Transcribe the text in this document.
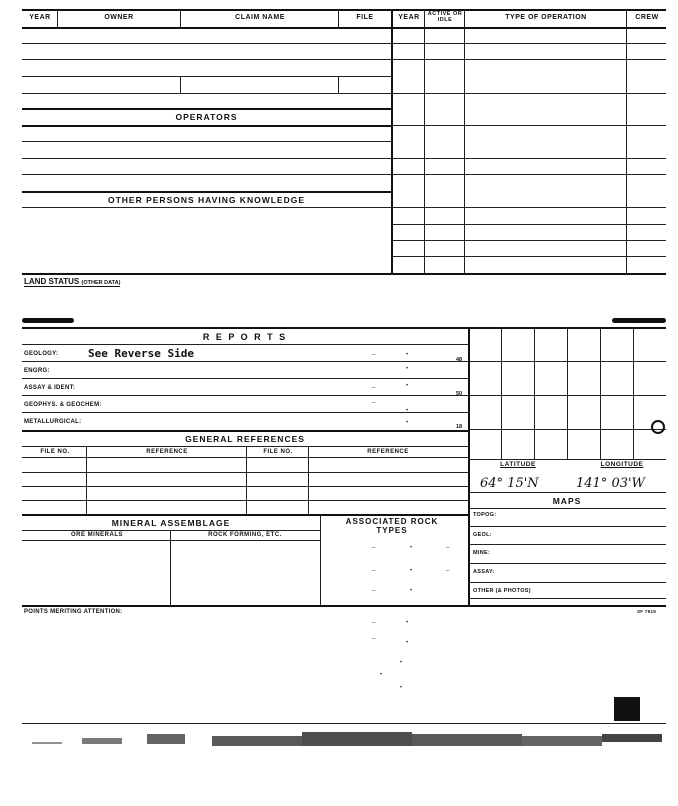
YEAR	OWNER	CLAIM NAME	FILE	YEAR	ACTIVE OR IDLE	TYPE OF OPERATION	CREW
OPERATORS
OTHER PERSONS HAVING KNOWLEDGE
LAND STATUS (OTHER DATA)
R E P O R T S
GEOLOGY:	See Reverse Side
ENGRG:
ASSAY & IDENT:
GEOPHYS. & GEOCHEM:
METALLURGICAL:
48
50
18
–	•
•
–	•
–
•
•
GENERAL REFERENCES
FILE NO.	REFERENCE	FILE NO.	REFERENCE
LATITUDE	LONGITUDE
64° 15'N	141° 03'W
MAPS
TOPOG:
GEOL:
MINE:
ASSAY:
OTHER (& PHOTOS)
MINERAL ASSEMBLAGE
ORE MINERALS	ROCK FORMING, ETC.
ASSOCIATED ROCK TYPES
–	•	–
–	•	–
–	•
POINTS MERITING ATTENTION:	SF 7915
–	•
–
•
•
•
•
